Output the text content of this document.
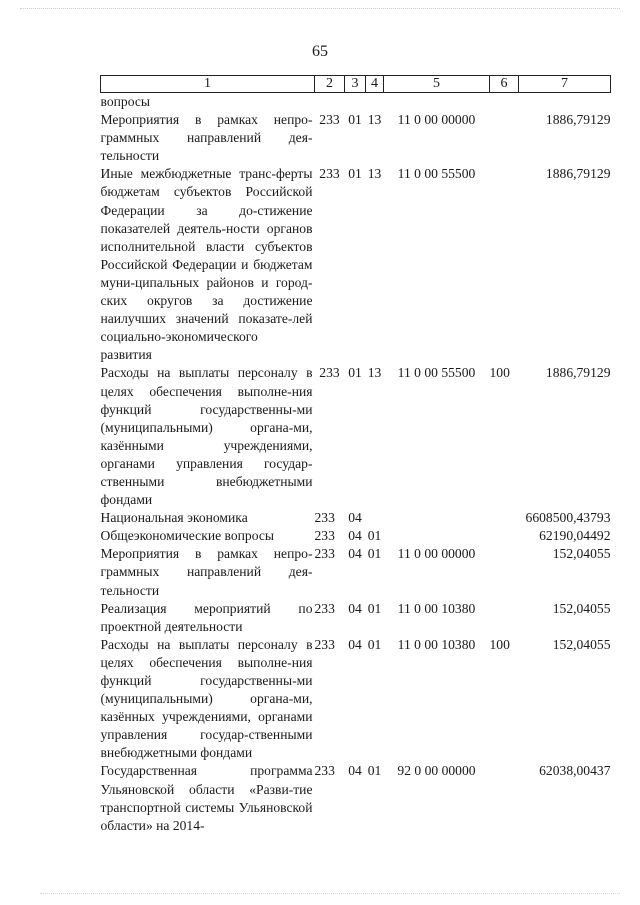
65
1	2	3	4	5	6	7
вопросы						
Мероприятия в рамках непро-граммных направлений дея-тельности	233	01	13	11 0 00 00000		1886,79129
Иные межбюджетные транс-ферты бюджетам субъектов Российской Федерации за до-стижение показателей деятель-ности органов исполнительной власти субъектов Российской Федерации и бюджетам муни-ципальных районов и город-ских округов за достижение наилучших значений показате-лей социально-экономического развития	233	01	13	11 0 00 55500		1886,79129
Расходы на выплаты персоналу в целях обеспечения выполне-ния функций государственны-ми (муниципальными) органа-ми, казёнными учреждениями, органами управления государ-ственными внебюджетными фондами	233	01	13	11 0 00 55500	100	1886,79129
Национальная экономика	233	04				6608500,43793
Общеэкономические вопросы	233	04	01			62190,04492
Мероприятия в рамках непро-граммных направлений дея-тельности	233	04	01	11 0 00 00000		152,04055
Реализация мероприятий по проектной деятельности	233	04	01	11 0 00 10380		152,04055
Расходы на выплаты персоналу в целях обеспечения выполне-ния функций государственны-ми (муниципальными) органа-ми, казённых учреждениями, органами управления государ-ственными внебюджетными фондами	233	04	01	11 0 00 10380	100	152,04055
Государственная программа Ульяновской области «Разви-тие транспортной системы Ульяновской области» на 2014-	233	04	01	92 0 00 00000		62038,00437
